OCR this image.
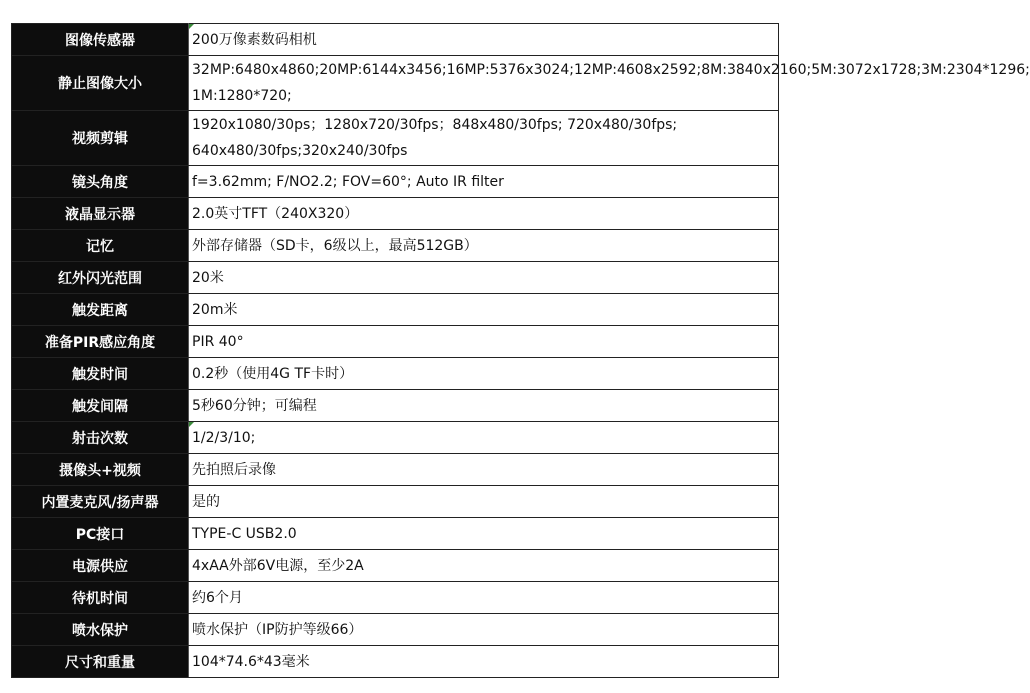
图像传感器	200万像素数码相机
静止图像大小	32MP:6480x4860;20MP:6144x3456;16MP:5376x3024;12MP:4608x2592;8M:3840x2160;5M:3072x1728;3M:2304*1296; 1M:1280*720;
视频剪辑	1920x1080/30ps；1280x720/30fps；848x480/30fps; 720x480/30fps; 640x480/30fps;320x240/30fps
镜头角度	f=3.62mm; F/NO2.2; FOV=60°; Auto IR filter
液晶显示器	2.0英寸TFT（240X320）
记忆	外部存储器（SD卡，6级以上，最高512GB）
红外闪光范围	20米
触发距离	20m米
准备PIR感应角度	PIR 40°
触发时间	0.2秒（使用4G TF卡时）
触发间隔	5秒60分钟；可编程
射击次数	1/2/3/10;
摄像头+视频	先拍照后录像
内置麦克风/扬声器	是的
PC接口	TYPE-C USB2.0
电源供应	4xAA外部6V电源，至少2A
待机时间	约6个月
喷水保护	喷水保护（IP防护等级66）
尺寸和重量	104*74.6*43毫米
